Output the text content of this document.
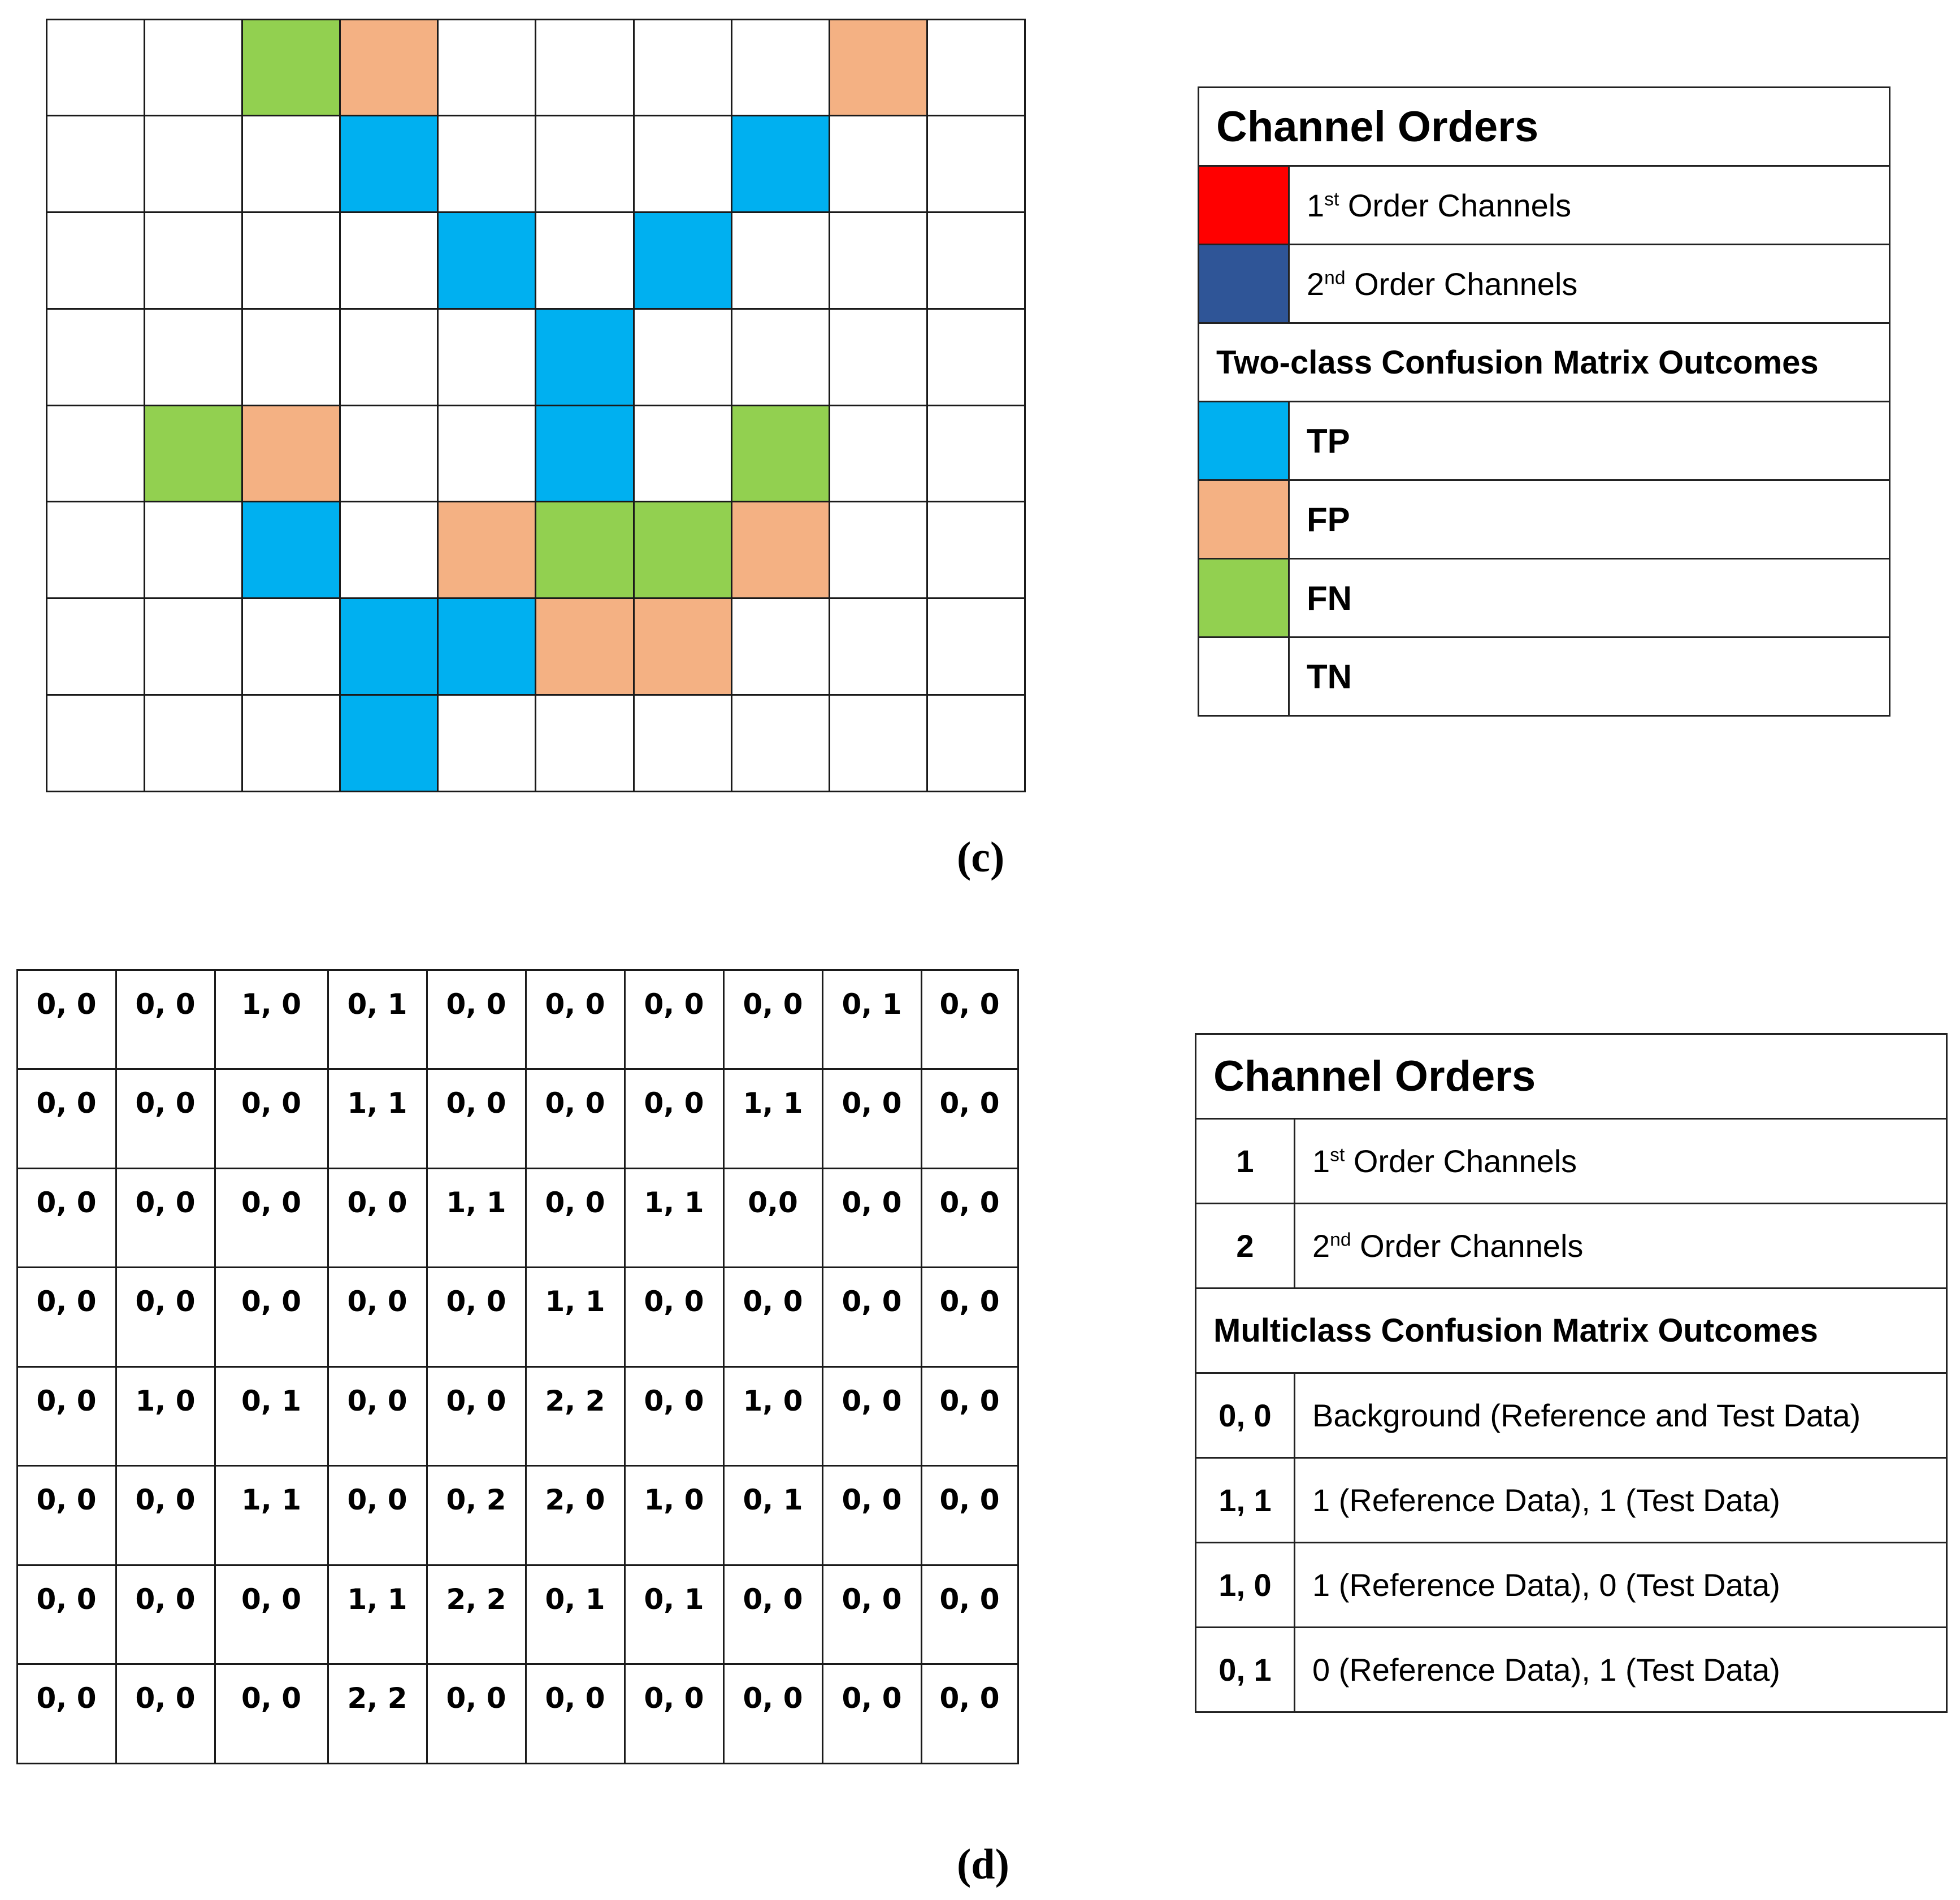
Channel Orders	
	1st Order Channels
	2nd Order Channels
Two-class Confusion Matrix Outcomes	
	TP
	FP
	FN
	TN
(c)
0, 0	0, 0	1, 0	0, 1	0, 0	0, 0	0, 0	0, 0	0, 1	0, 0
0, 0	0, 0	0, 0	1, 1	0, 0	0, 0	0, 0	1, 1	0, 0	0, 0
0, 0	0, 0	0, 0	0, 0	1, 1	0, 0	1, 1	0,0	0, 0	0, 0
0, 0	0, 0	0, 0	0, 0	0, 0	1, 1	0, 0	0, 0	0, 0	0, 0
0, 0	1, 0	0, 1	0, 0	0, 0	2, 2	0, 0	1, 0	0, 0	0, 0
0, 0	0, 0	1, 1	0, 0	0, 2	2, 0	1, 0	0, 1	0, 0	0, 0
0, 0	0, 0	0, 0	1, 1	2, 2	0, 1	0, 1	0, 0	0, 0	0, 0
0, 0	0, 0	0, 0	2, 2	0, 0	0, 0	0, 0	0, 0	0, 0	0, 0
Channel Orders	
1	1st Order Channels
2	2nd Order Channels
Multiclass Confusion Matrix Outcomes	
0, 0	Background (Reference and Test Data)
1, 1	1 (Reference Data), 1 (Test Data)
1, 0	1 (Reference Data), 0 (Test Data)
0, 1	0 (Reference Data), 1 (Test Data)
(d)
